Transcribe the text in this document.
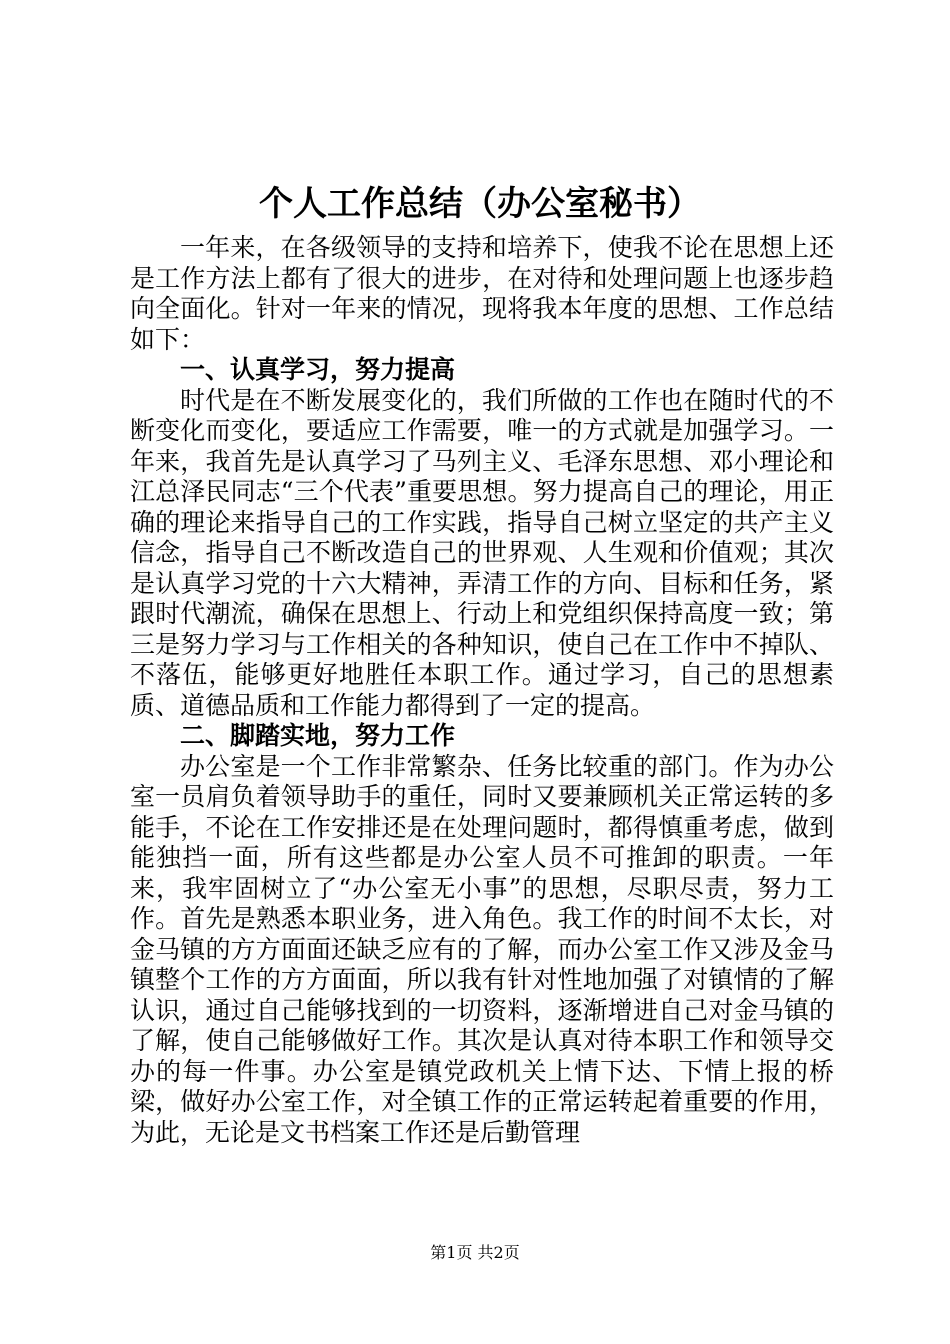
个人工作总结（办公室秘书）

一年来，在各级领导的支持和培养下，使我不论在思想上还是工作方法上都有了很大的进步，在对待和处理问题上也逐步趋向全面化。针对一年来的情况，现将我本年度的思想、工作总结如下：

一、认真学习，努力提高

时代是在不断发展变化的，我们所做的工作也在随时代的不断变化而变化，要适应工作需要，唯一的方式就是加强学习。一年来，我首先是认真学习了马列主义、毛泽东思想、邓小理论和江总泽民同志“三个代表”重要思想。努力提高自己的理论，用正确的理论来指导自己的工作实践，指导自己树立坚定的共产主义信念，指导自己不断改造自己的世界观、人生观和价值观；其次是认真学习党的十六大精神，弄清工作的方向、目标和任务，紧跟时代潮流，确保在思想上、行动上和党组织保持高度一致；第三是努力学习与工作相关的各种知识，使自己在工作中不掉队、不落伍，能够更好地胜任本职工作。通过学习，自己的思想素质、道德品质和工作能力都得到了一定的提高。

二、脚踏实地，努力工作

办公室是一个工作非常繁杂、任务比较重的部门。作为办公室一员肩负着领导助手的重任，同时又要兼顾机关正常运转的多能手，不论在工作安排还是在处理问题时，都得慎重考虑，做到能独挡一面，所有这些都是办公室人员不可推卸的职责。一年来，我牢固树立了“办公室无小事”的思想，尽职尽责，努力工作。首先是熟悉本职业务，进入角色。我工作的时间不太长，对金马镇的方方面面还缺乏应有的了解，而办公室工作又涉及金马镇整个工作的方方面面，所以我有针对性地加强了对镇情的了解认识，通过自己能够找到的一切资料，逐渐增进自己对金马镇的了解，使自己能够做好工作。其次是认真对待本职工作和领导交办的每一件事。办公室是镇党政机关上情下达、下情上报的桥梁，做好办公室工作，对全镇工作的正常运转起着重要的作用，为此，无论是文书档案工作还是后勤管理

第1页 共2页
